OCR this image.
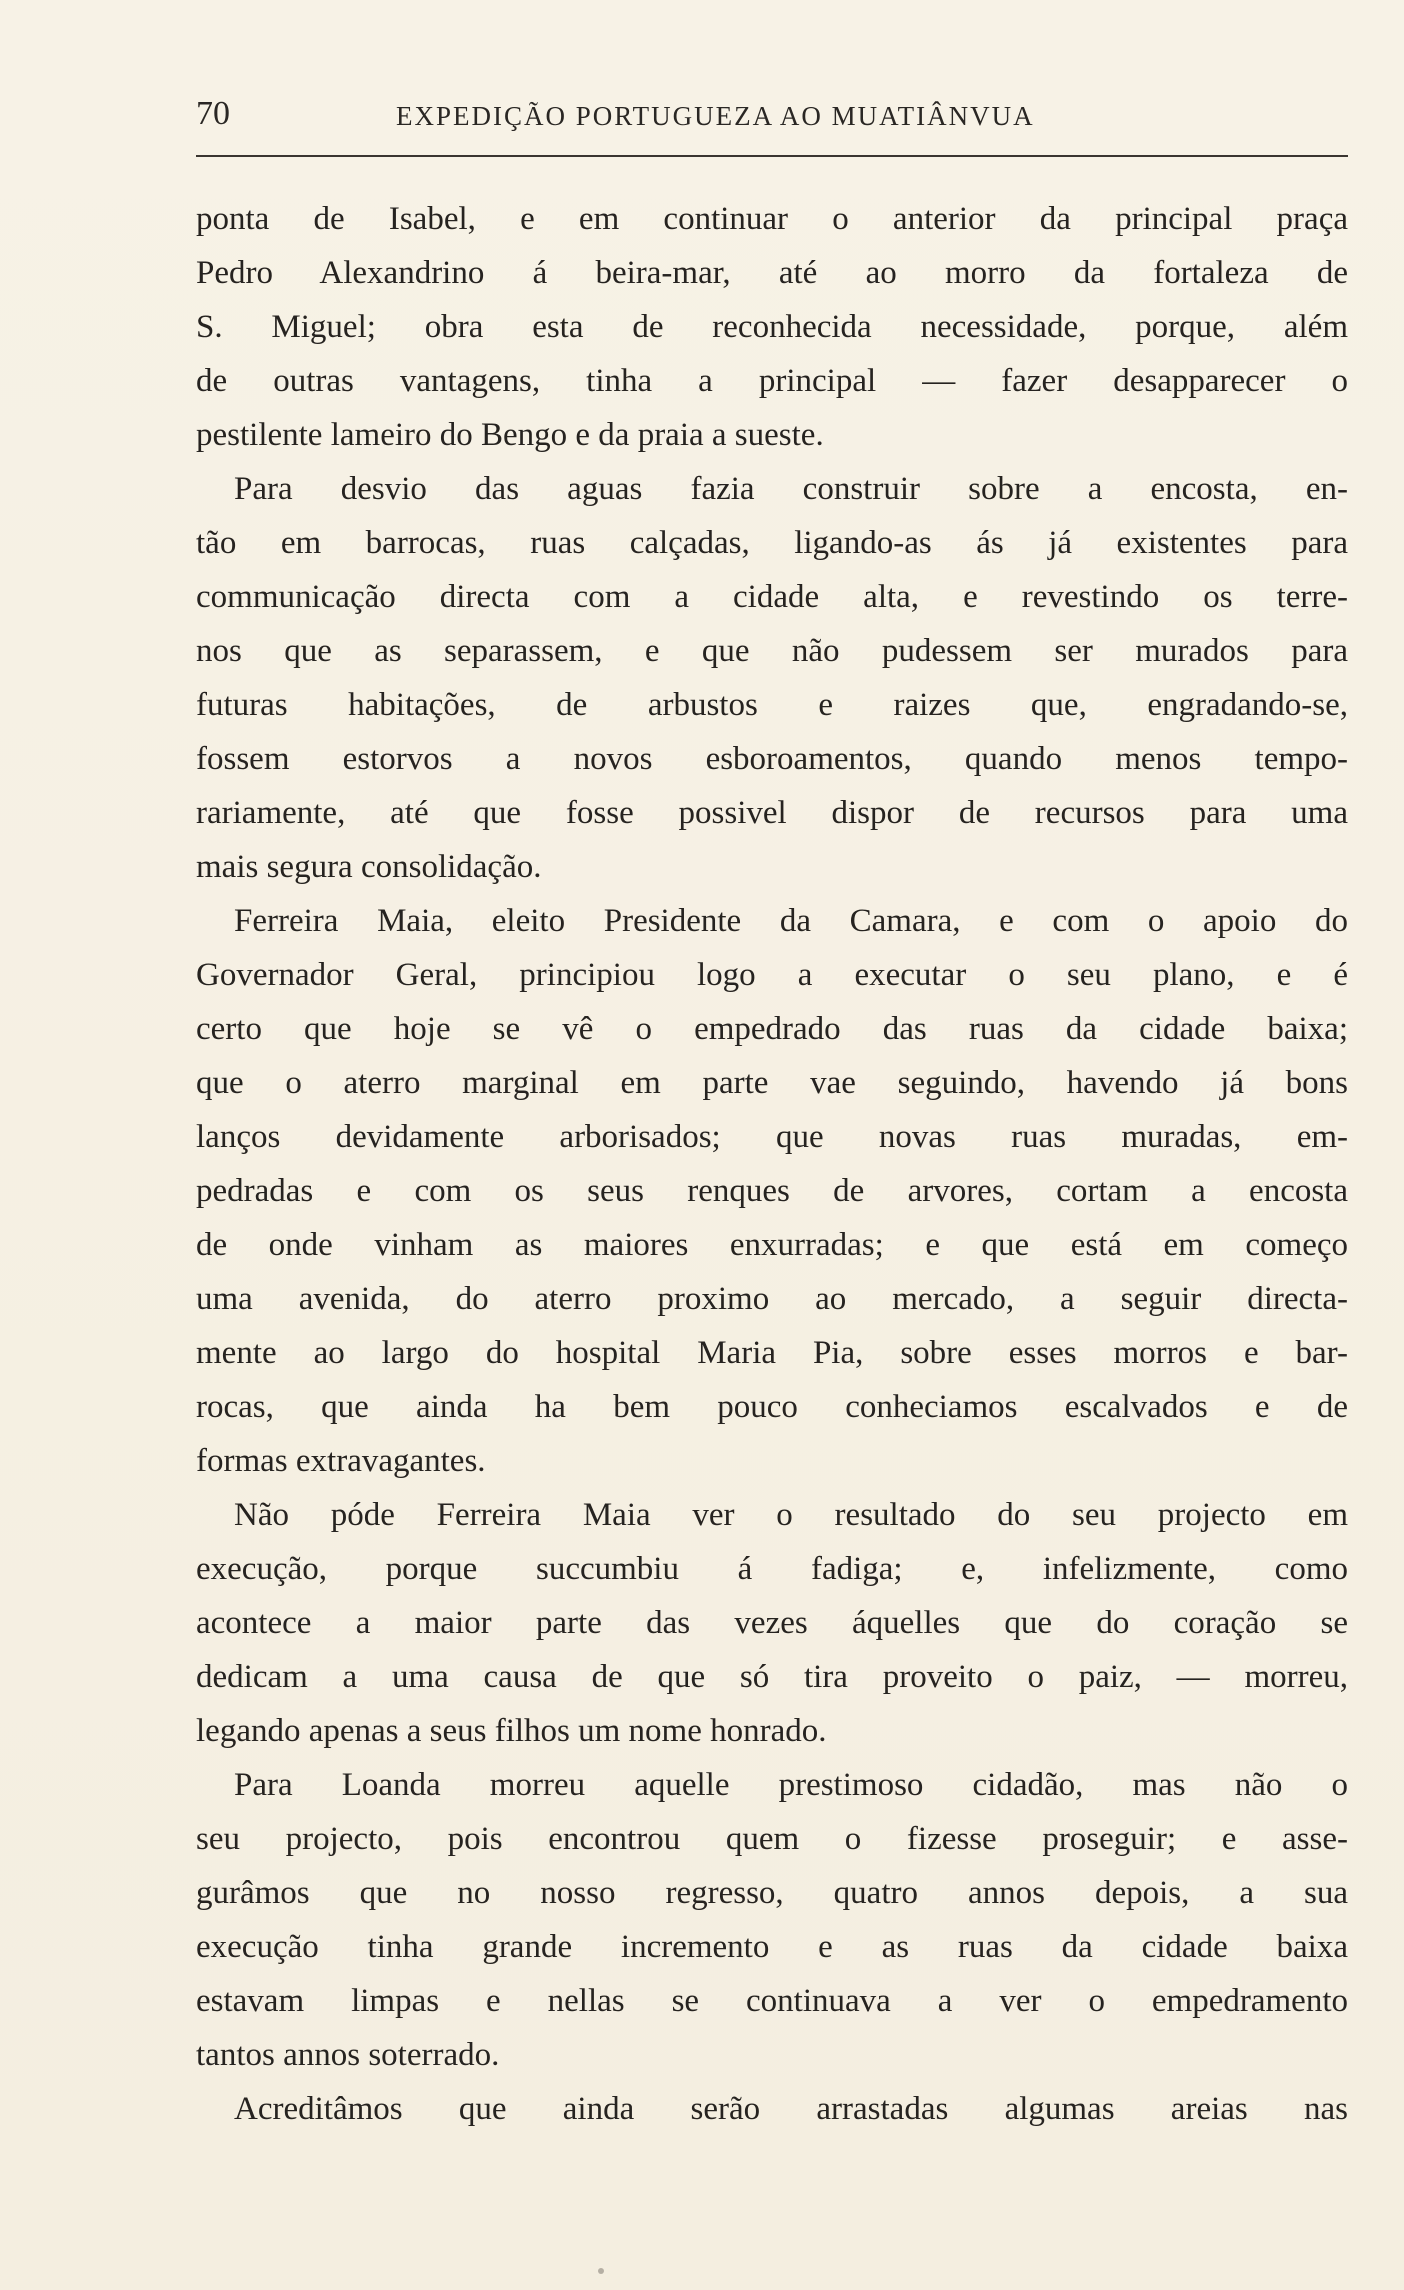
70	EXPEDIÇÃO PORTUGUEZA AO MUATIÂNVUA
ponta de Isabel, e em continuar o anterior da principal praça
Pedro Alexandrino á beira-mar, até ao morro da fortaleza de
S. Miguel; obra esta de reconhecida necessidade, porque, além
de outras vantagens, tinha a principal — fazer desapparecer o
pestilente lameiro do Bengo e da praia a sueste.
Para desvio das aguas fazia construir sobre a encosta, en-
tão em barrocas, ruas calçadas, ligando-as ás já existentes para
communicação directa com a cidade alta, e revestindo os terre-
nos que as separassem, e que não pudessem ser murados para
futuras habitações, de arbustos e raizes que, engradando-se,
fossem estorvos a novos esboroamentos, quando menos tempo-
rariamente, até que fosse possivel dispor de recursos para uma
mais segura consolidação.
Ferreira Maia, eleito Presidente da Camara, e com o apoio do
Governador Geral, principiou logo a executar o seu plano, e é
certo que hoje se vê o empedrado das ruas da cidade baixa;
que o aterro marginal em parte vae seguindo, havendo já bons
lanços devidamente arborisados; que novas ruas muradas, em-
pedradas e com os seus renques de arvores, cortam a encosta
de onde vinham as maiores enxurradas; e que está em começo
uma avenida, do aterro proximo ao mercado, a seguir directa-
mente ao largo do hospital Maria Pia, sobre esses morros e bar-
rocas, que ainda ha bem pouco conheciamos escalvados e de
formas extravagantes.
Não póde Ferreira Maia ver o resultado do seu projecto em
execução, porque succumbiu á fadiga; e, infelizmente, como
acontece a maior parte das vezes áquelles que do coração se
dedicam a uma causa de que só tira proveito o paiz, — morreu,
legando apenas a seus filhos um nome honrado.
Para Loanda morreu aquelle prestimoso cidadão, mas não o
seu projecto, pois encontrou quem o fizesse proseguir; e asse-
gurâmos que no nosso regresso, quatro annos depois, a sua
execução tinha grande incremento e as ruas da cidade baixa
estavam limpas e nellas se continuava a ver o empedramento
tantos annos soterrado.
Acreditâmos que ainda serão arrastadas algumas areias nas
